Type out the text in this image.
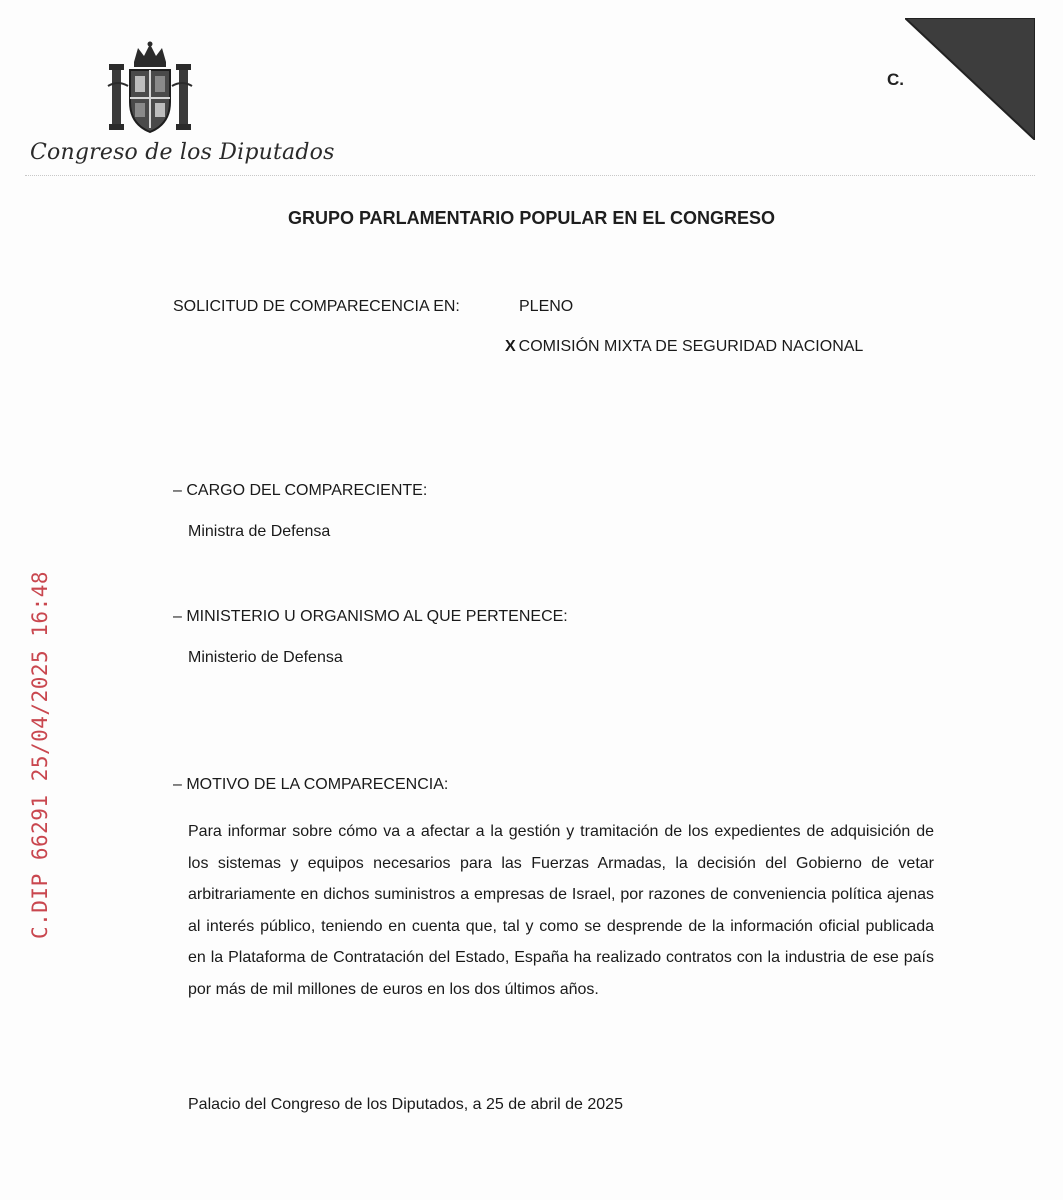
Congreso de los Diputados
C.
C.DIP 66291 25/04/2025 16:48
GRUPO PARLAMENTARIO POPULAR EN EL CONGRESO
SOLICITUD DE COMPARECENCIA EN:	PLENO
X COMISIÓN MIXTA DE SEGURIDAD NACIONAL
– CARGO DEL COMPARECIENTE:
Ministra de Defensa
– MINISTERIO U ORGANISMO AL QUE PERTENECE:
Ministerio de Defensa
– MOTIVO DE LA COMPARECENCIA:
Para informar sobre cómo va a afectar a la gestión y tramitación de los expedientes de adquisición de los sistemas y equipos necesarios para las Fuerzas Armadas, la decisión del Gobierno de vetar arbitrariamente en dichos suministros a empresas de Israel, por razones de conveniencia política ajenas al interés público, teniendo en cuenta que, tal y como se desprende de la información oficial publicada en la Plataforma de Contratación del Estado, España ha realizado contratos con la industria de ese país por más de mil millones de euros en los dos últimos años.
Palacio del Congreso de los Diputados, a 25 de abril de 2025
